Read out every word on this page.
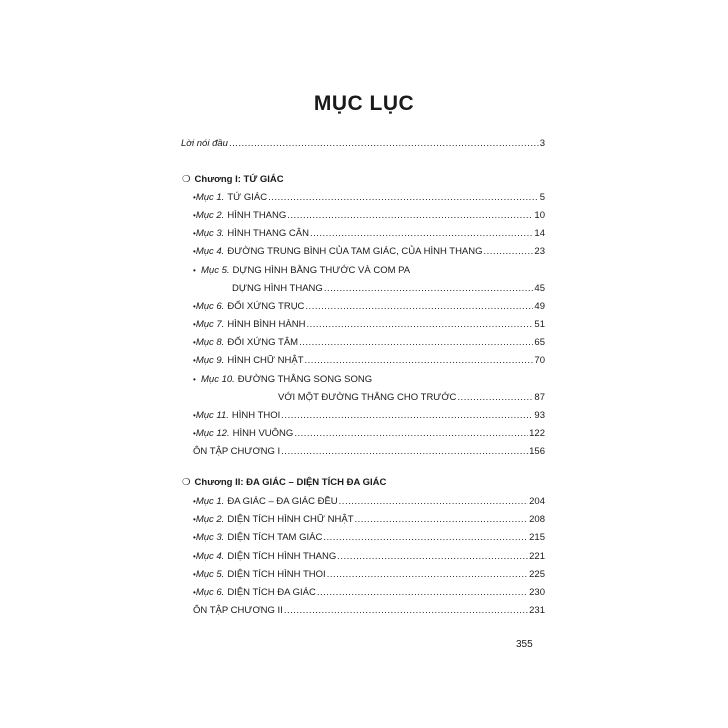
MỤC LỤC
Lời nói đầu .....	3
❍ Chương I: TỨ GIÁC
• Mục 1. TỨ GIÁC .....	5
• Mục 2. HÌNH THANG .....	10
• Mục 3. HÌNH THANG CÂN .....	14
• Mục 4. ĐƯỜNG TRUNG BÌNH CỦA TAM GIÁC, CỦA HÌNH THANG .....	23
• Mục 5. DỰNG HÌNH BẰNG THƯỚC VÀ COM PA
DỰNG HÌNH THANG .....	45
• Mục 6. ĐỐI XỨNG TRỤC .....	49
• Mục 7. HÌNH BÌNH HÀNH .....	51
• Mục 8. ĐỐI XỨNG TÂM .....	65
• Mục 9. HÌNH CHỮ NHẬT .....	70
• Mục 10. ĐƯỜNG THẲNG SONG SONG
VỚI MỘT ĐƯỜNG THẲNG CHO TRƯỚC .....	87
• Mục 11. HÌNH THOI .....	93
• Mục 12. HÌNH VUÔNG .....	122
ÔN TẬP CHƯƠNG I .....	156
❍ Chương II: ĐA GIÁC – DIỆN TÍCH ĐA GIÁC
• Mục 1. ĐA GIÁC – ĐA GIÁC ĐỀU .....	204
• Mục 2. DIỆN TÍCH HÌNH CHỮ NHẬT .....	208
• Mục 3. DIỆN TÍCH TAM GIÁC .....	215
• Mục 4. DIỆN TÍCH HÌNH THANG .....	221
• Mục 5. DIỆN TÍCH HÌNH THOI .....	225
• Mục 6. DIỆN TÍCH ĐA GIÁC .....	230
ÔN TẬP CHƯƠNG II .....	231
355
